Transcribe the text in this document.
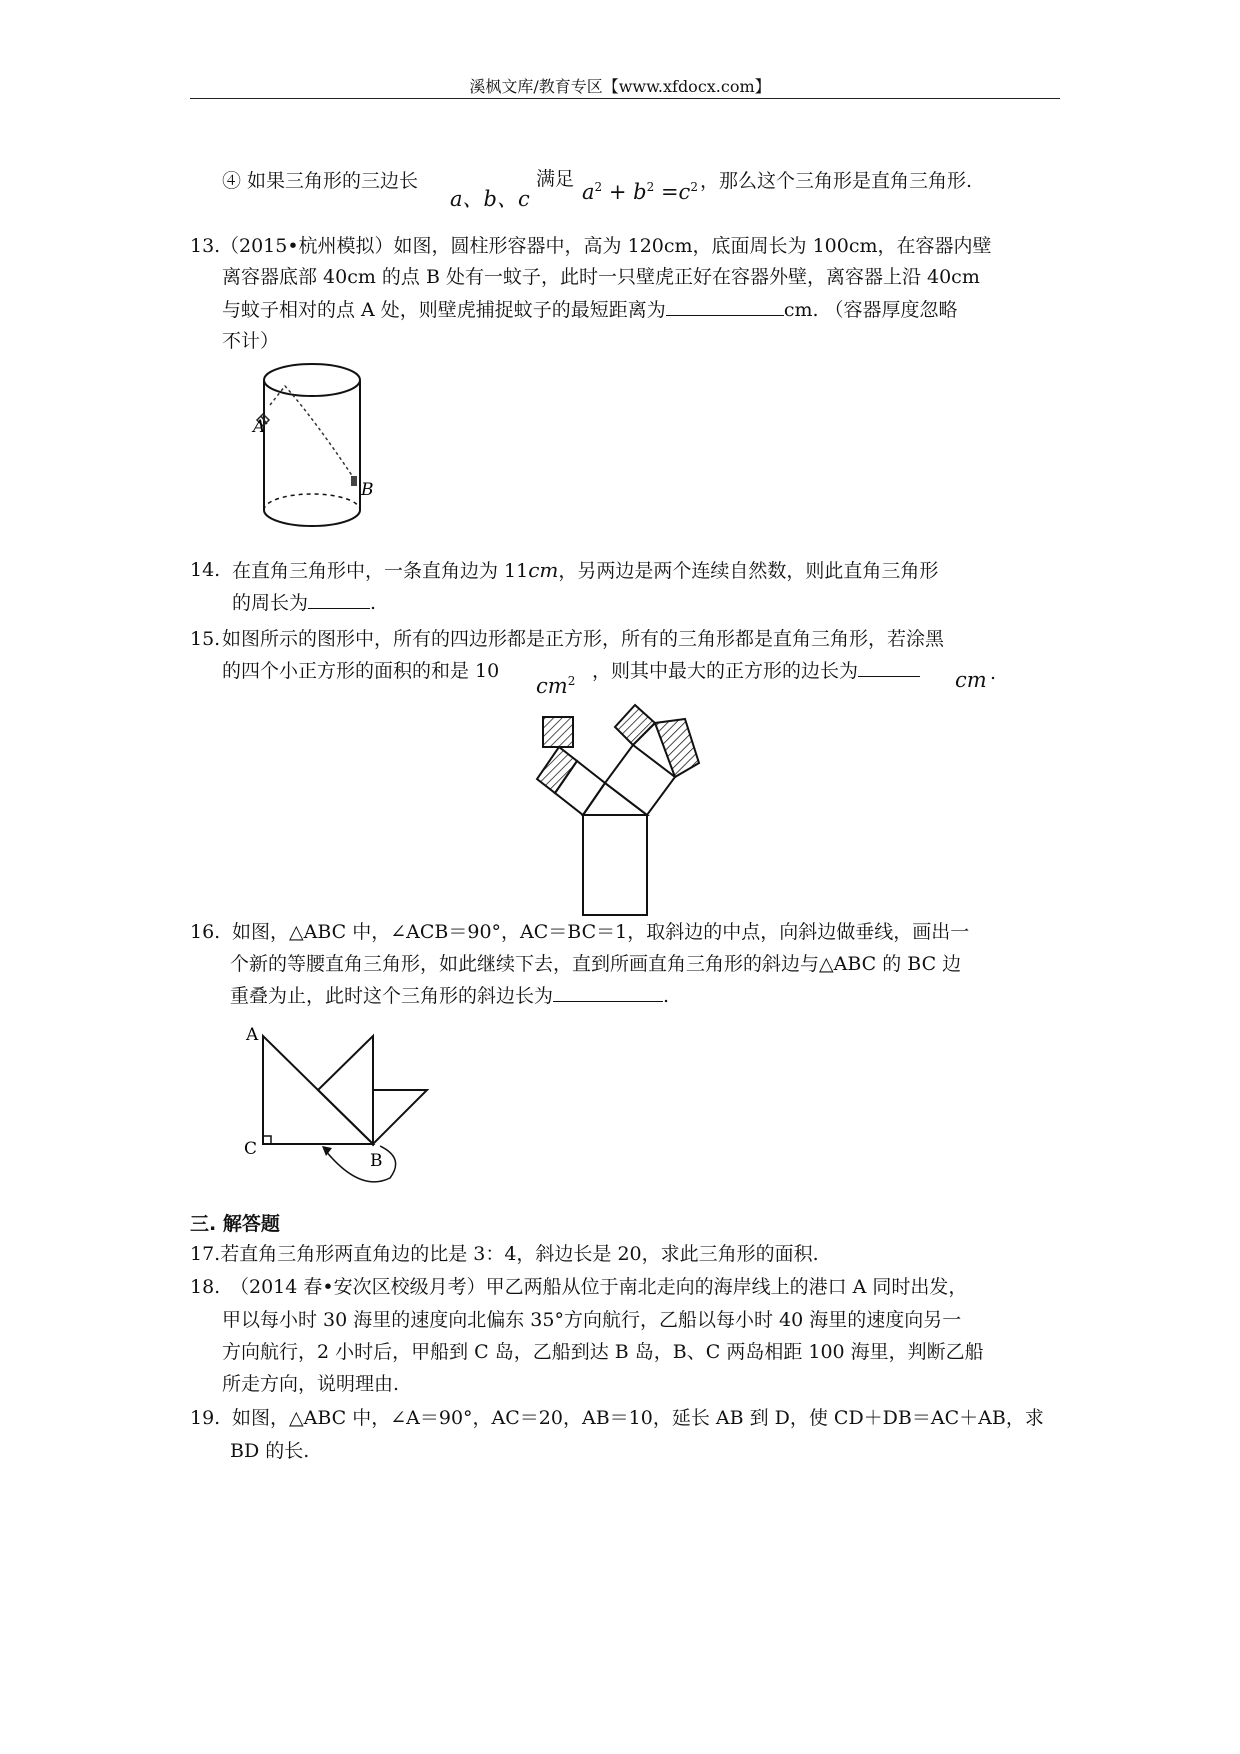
溪枫文库/教育专区【www.xfdocx.com】
④ 如果三角形的三边长
a、b、c
满足
$a^2 + b^2 =c^2$ ，那么这个三角形是直角三角形.
13. （2015•杭州模拟）如图，圆柱形容器中，高为 120cm，底面周长为 100cm，在容器内壁
离容器底部 40cm 的点 B 处有一蚊子，此时一只壁虎正好在容器外壁，离容器上沿 40cm
与蚊子相对的点 A 处，则壁虎捕捉蚊子的最短距离为	cm. （容器厚度忽略
不计）
A
B
14. 在直角三角形中，一条直角边为 11cm，另两边是两个连续自然数，则此直角三角形
的周长为	.
15. 如图所示的图形中，所有的四边形都是正方形，所有的三角形都是直角三角形，若涂黑
的四个小正方形的面积的和是 10
$cm^2$ ，则其中最大的正方形的边长为	cm .
16. 如图，△ABC 中，∠ACB＝90°，AC＝BC＝1，取斜边的中点，向斜边做垂线，画出一
个新的等腰直角三角形，如此继续下去，直到所画直角三角形的斜边与△ABC 的 BC 边
重叠为止，此时这个三角形的斜边长为	.
A
C
B
三. 解答题
17.若直角三角形两直角边的比是 3：4，斜边长是 20，求此三角形的面积.
18. （2014 春•安次区校级月考）甲乙两船从位于南北走向的海岸线上的港口 A 同时出发，
甲以每小时 30 海里的速度向北偏东 35°方向航行，乙船以每小时 40 海里的速度向另一
方向航行，2 小时后，甲船到 C 岛，乙船到达 B 岛，B、C 两岛相距 100 海里，判断乙船
所走方向，说明理由.
19. 如图，△ABC 中，∠A＝90°，AC＝20，AB＝10，延长 AB 到 D，使 CD＋DB＝AC＋AB，求
BD 的长.
